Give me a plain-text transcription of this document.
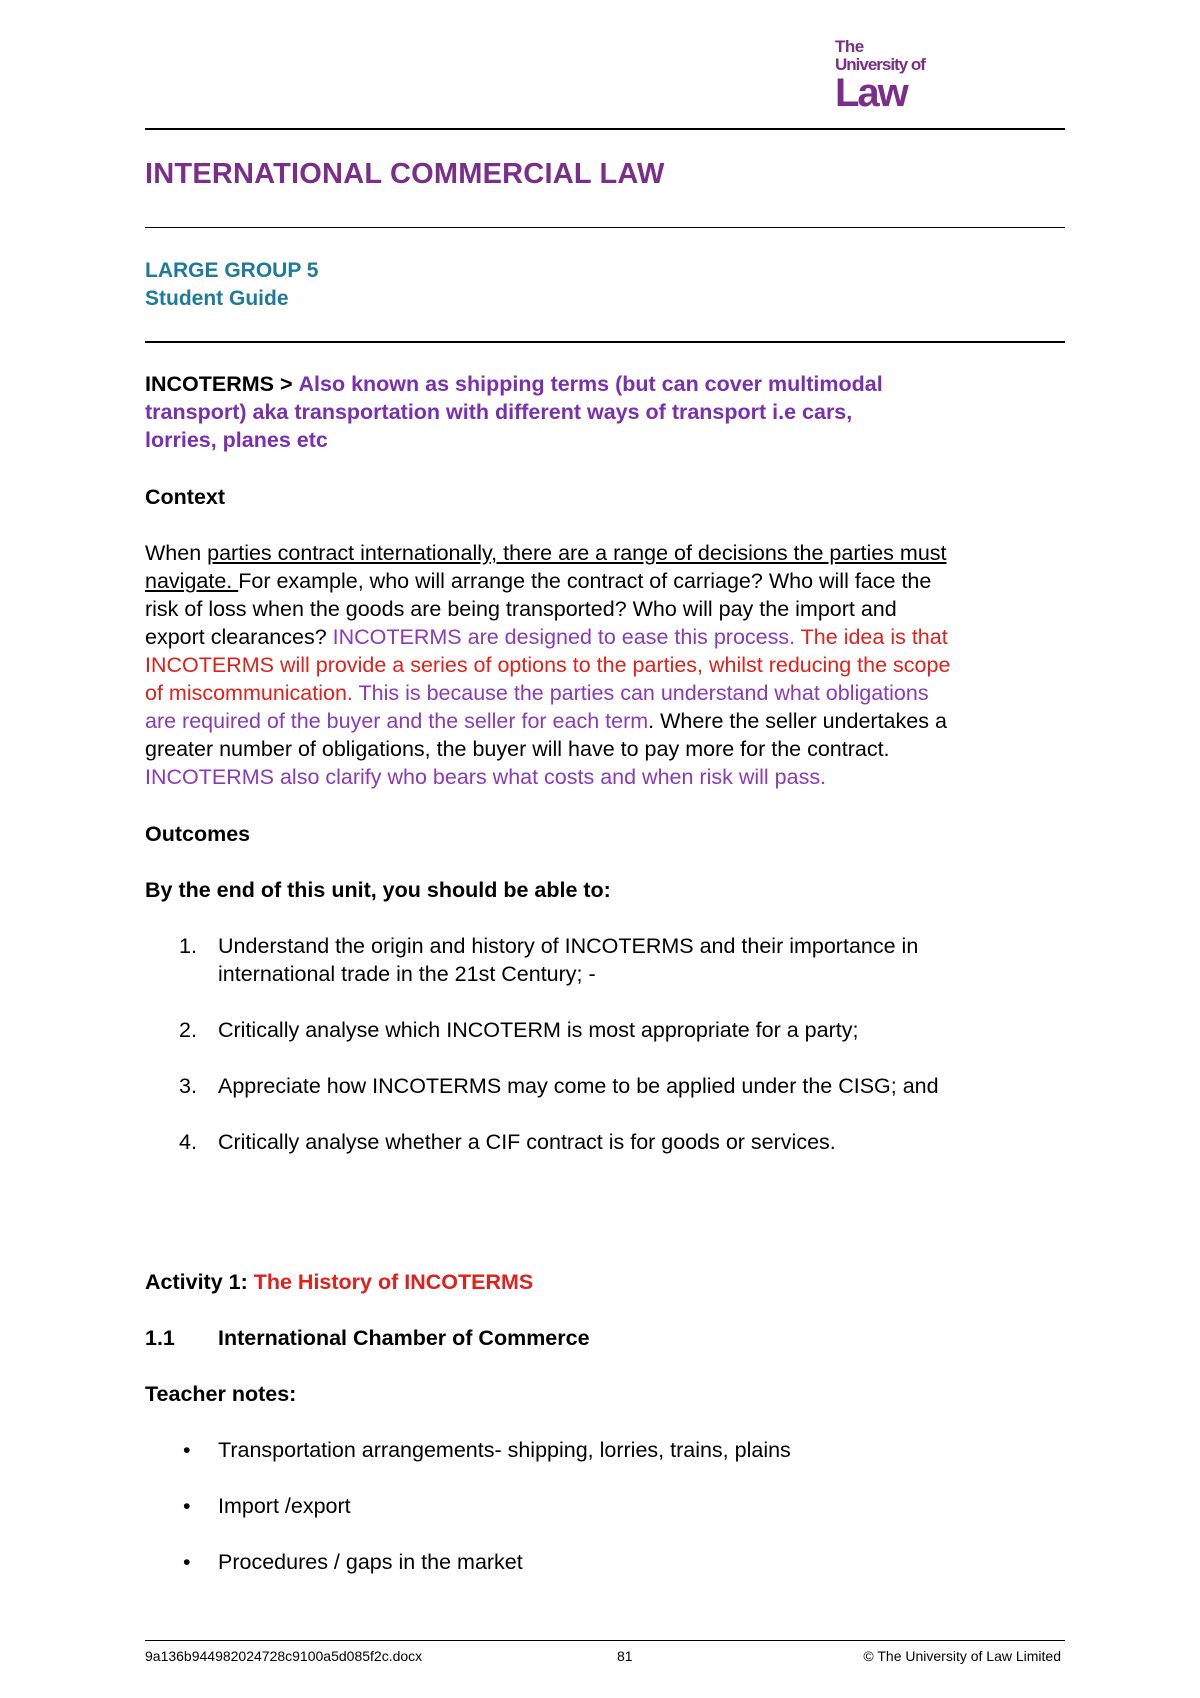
The
University of
Law
INTERNATIONAL COMMERCIAL LAW
LARGE GROUP 5
Student Guide
INCOTERMS > Also known as shipping terms (but can cover multimodal
transport) aka transportation with different ways of transport i.e cars,
lorries, planes etc
Context
When parties contract internationally, there are a range of decisions the parties must
navigate. For example, who will arrange the contract of carriage? Who will face the
risk of loss when the goods are being transported? Who will pay the import and
export clearances? INCOTERMS are designed to ease this process. The idea is that
INCOTERMS will provide a series of options to the parties, whilst reducing the scope
of miscommunication. This is because the parties can understand what obligations
are required of the buyer and the seller for each term. Where the seller undertakes a
greater number of obligations, the buyer will have to pay more for the contract.
INCOTERMS also clarify who bears what costs and when risk will pass.
Outcomes
By the end of this unit, you should be able to:
1. Understand the origin and history of INCOTERMS and their importance in
international trade in the 21st Century; -
2. Critically analyse which INCOTERM is most appropriate for a party;
3. Appreciate how INCOTERMS may come to be applied under the CISG; and
4. Critically analyse whether a CIF contract is for goods or services.
Activity 1: The History of INCOTERMS
1.1 International Chamber of Commerce
Teacher notes:
•	Transportation arrangements- shipping, lorries, trains, plains
•	Import /export
•	Procedures / gaps in the market
9a136b944982024728c9100a5d085f2c.docx	81	© The University of Law Limited
